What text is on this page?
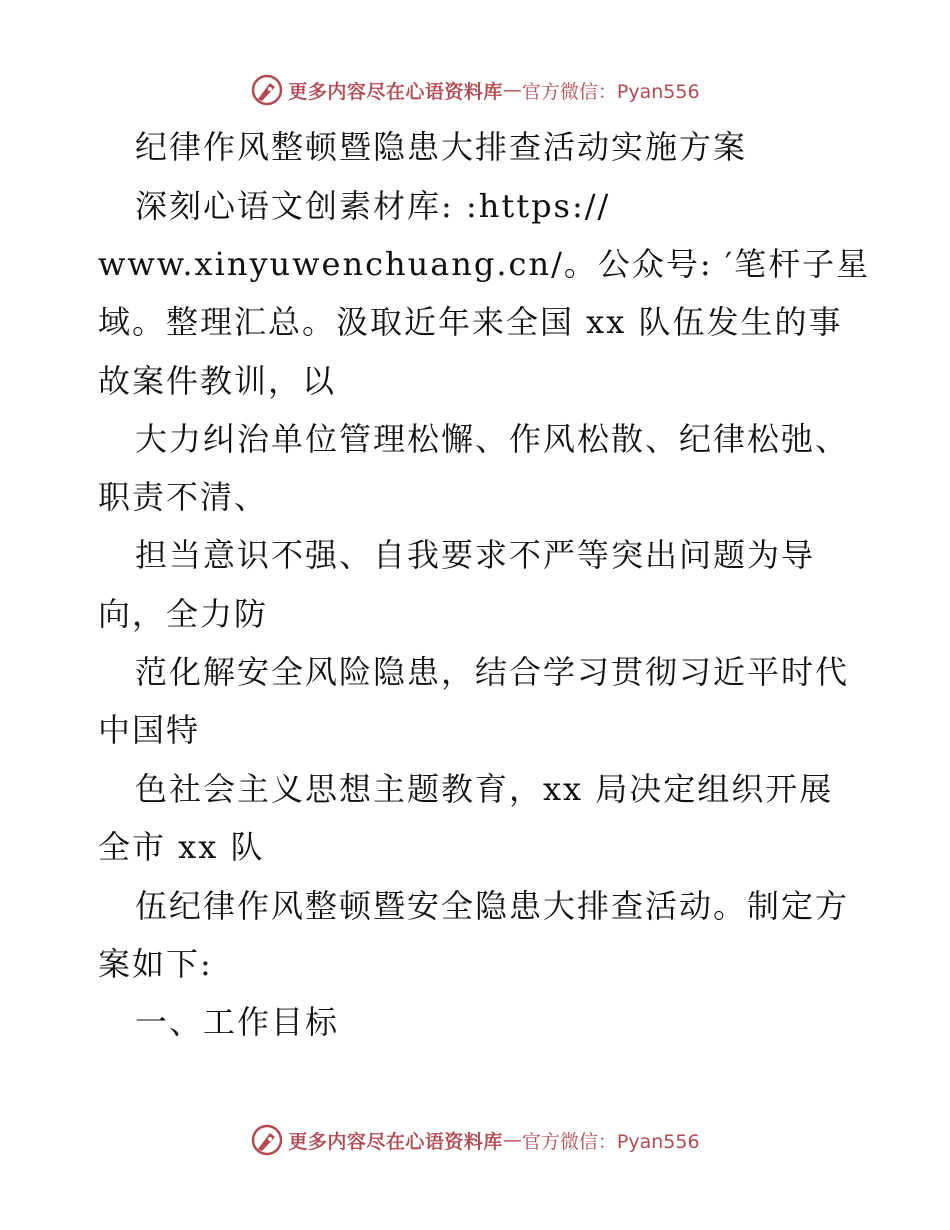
更多内容尽在心语资料库 — 官方微信：Pyan556
纪律作风整顿暨隐患大排查活动实施方案
深刻心语文创素材库: :https://
www.xinyuwenchuang.cn/。公众号: ′笔杆子星
域。整理汇总。汲取近年来全国 xx 队伍发生的事
故案件教训，以
大力纠治单位管理松懈、作风松散、纪律松弛、
职责不清、
担当意识不强、自我要求不严等突出问题为导
向，全力防
范化解安全风险隐患，结合学习贯彻习近平时代
中国特
色社会主义思想主题教育，xx 局决定组织开展
全市 xx 队
伍纪律作风整顿暨安全隐患大排查活动。制定方
案如下:
一、工作目标
更多内容尽在心语资料库 — 官方微信：Pyan556
